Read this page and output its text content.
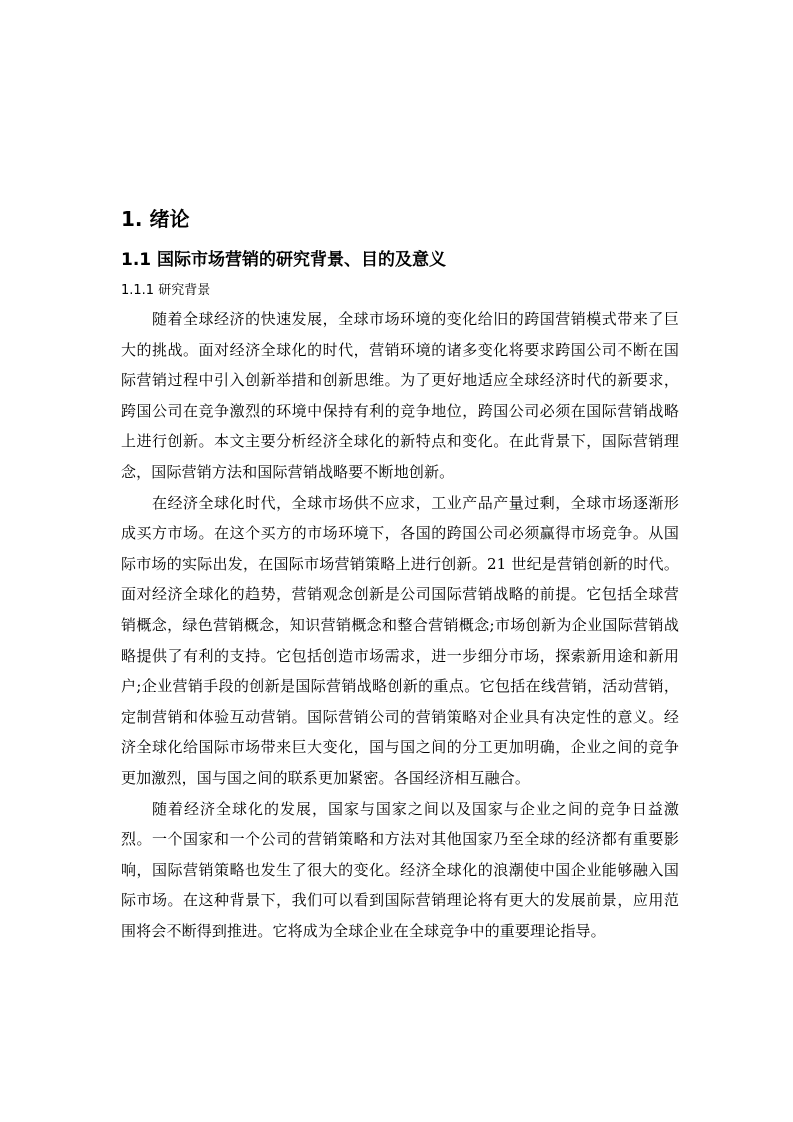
1. 绪论
1.1 国际市场营销的研究背景、目的及意义
1.1.1 研究背景

随着全球经济的快速发展，全球市场环境的变化给旧的跨国营销模式带来了巨大的挑战。面对经济全球化的时代，营销环境的诸多变化将要求跨国公司不断在国际营销过程中引入创新举措和创新思维。为了更好地适应全球经济时代的新要求，跨国公司在竞争激烈的环境中保持有利的竞争地位，跨国公司必须在国际营销战略上进行创新。本文主要分析经济全球化的新特点和变化。在此背景下，国际营销理念，国际营销方法和国际营销战略要不断地创新。

在经济全球化时代，全球市场供不应求，工业产品产量过剩，全球市场逐渐形成买方市场。在这个买方的市场环境下，各国的跨国公司必须赢得市场竞争。从国际市场的实际出发，在国际市场营销策略上进行创新。21 世纪是营销创新的时代。面对经济全球化的趋势，营销观念创新是公司国际营销战略的前提。它包括全球营销概念，绿色营销概念，知识营销概念和整合营销概念;市场创新为企业国际营销战略提供了有利的支持。它包括创造市场需求，进一步细分市场，探索新用途和新用户;企业营销手段的创新是国际营销战略创新的重点。它包括在线营销，活动营销，定制营销和体验互动营销。国际营销公司的营销策略对企业具有决定性的意义。经济全球化给国际市场带来巨大变化，国与国之间的分工更加明确，企业之间的竞争更加激烈，国与国之间的联系更加紧密。各国经济相互融合。

随着经济全球化的发展，国家与国家之间以及国家与企业之间的竞争日益激烈。一个国家和一个公司的营销策略和方法对其他国家乃至全球的经济都有重要影响，国际营销策略也发生了很大的变化。经济全球化的浪潮使中国企业能够融入国际市场。在这种背景下，我们可以看到国际营销理论将有更大的发展前景，应用范围将会不断得到推进。它将成为全球企业在全球竞争中的重要理论指导。
